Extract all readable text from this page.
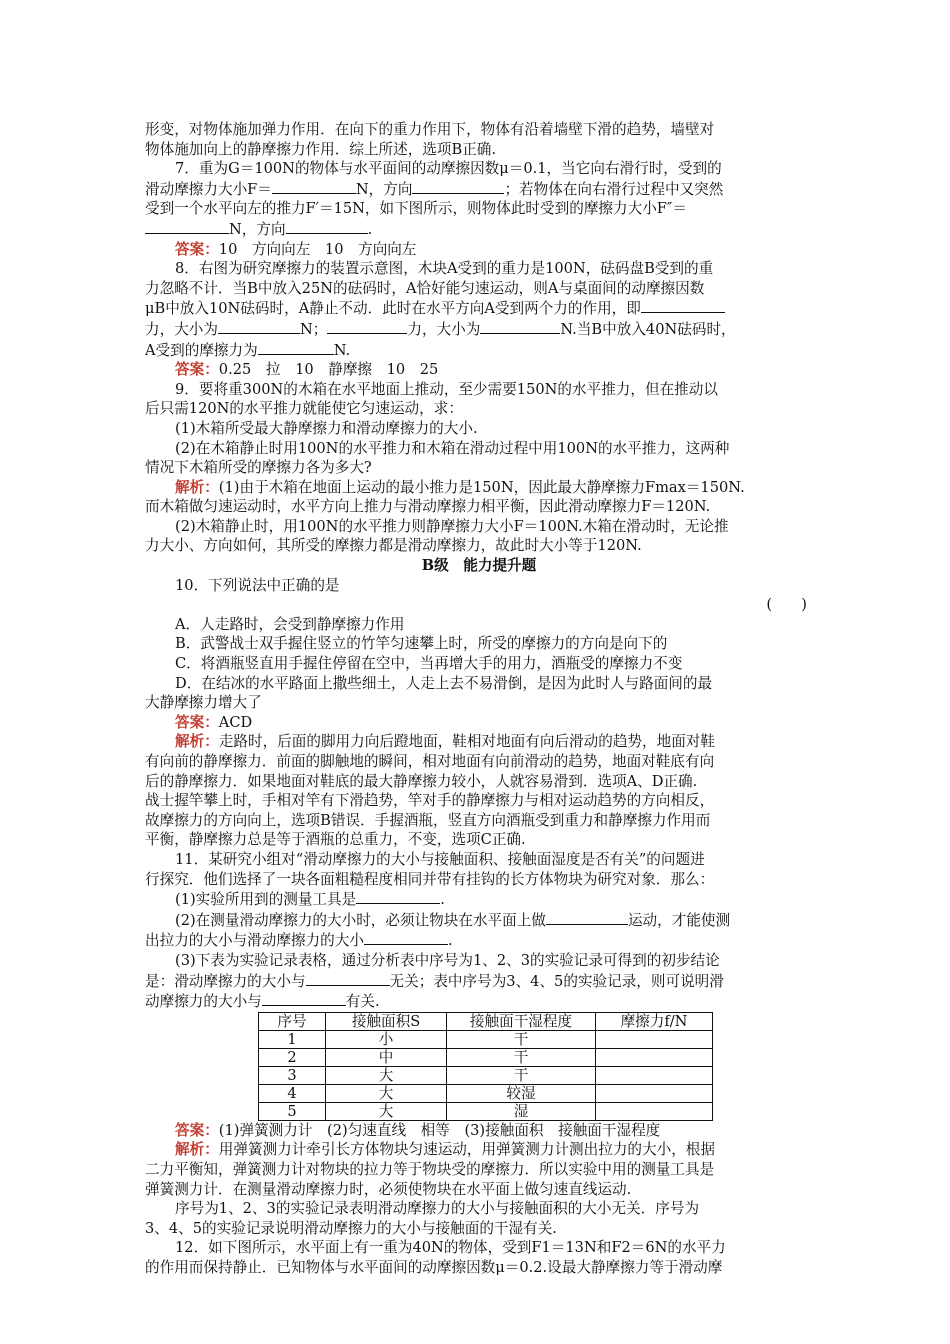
形变，对物体施加弹力作用．在向下的重力作用下，物体有沿着墙壁下滑的趋势，墙壁对

物体施加向上的静摩擦力作用．综上所述，选项B正确.

7．重为G＝100N的物体与水平面间的动摩擦因数μ＝0.1，当它向右滑行时，受到的

滑动摩擦力大小F＝	N，方向	；若物体在向右滑行过程中又突然

受到一个水平向左的推力F′＝15N，如下图所示，则物体此时受到的摩擦力大小F″＝

N，方向	.

答案：10　方向向左　10　方向向左

8．右图为研究摩擦力的装置示意图，木块A受到的重力是100N，砝码盘B受到的重

力忽略不计．当B中放入25N的砝码时，A恰好能匀速运动，则A与桌面间的动摩擦因数

μB中放入10N砝码时，A静止不动．此时在水平方向A受到两个力的作用，即

力，大小为	N；	力，大小为	N.当B中放入40N砝码时，

A受到的摩擦力为	N.

答案：0.25　拉　10　静摩擦　10　25

9．要将重300N的木箱在水平地面上推动，至少需要150N的水平推力，但在推动以

后只需120N的水平推力就能使它匀速运动，求：

(1)木箱所受最大静摩擦力和滑动摩擦力的大小.

(2)在木箱静止时用100N的水平推力和木箱在滑动过程中用100N的水平推力，这两种

情况下木箱所受的摩擦力各为多大?

解析：(1)由于木箱在地面上运动的最小推力是150N，因此最大静摩擦力Fmax＝150N.

而木箱做匀速运动时，水平方向上推力与滑动摩擦力相平衡，因此滑动摩擦力F＝120N.

(2)木箱静止时，用100N的水平推力则静摩擦力大小F＝100N.木箱在滑动时，无论推

力大小、方向如何，其所受的摩擦力都是滑动摩擦力，故此时大小等于120N.

B级　能力提升题

10．下列说法中正确的是

(　　)

A．人走路时，会受到静摩擦力作用

B．武警战士双手握住竖立的竹竿匀速攀上时，所受的摩擦力的方向是向下的

C．将酒瓶竖直用手握住停留在空中，当再增大手的用力，酒瓶受的摩擦力不变

D．在结冰的水平路面上撒些细土，人走上去不易滑倒，是因为此时人与路面间的最

大静摩擦力增大了

答案：ACD

解析：走路时，后面的脚用力向后蹬地面，鞋相对地面有向后滑动的趋势，地面对鞋

有向前的静摩擦力．前面的脚触地的瞬间，相对地面有向前滑动的趋势，地面对鞋底有向

后的静摩擦力．如果地面对鞋底的最大静摩擦力较小，人就容易滑到．选项A、D正确.

战士握竿攀上时，手相对竿有下滑趋势，竿对手的静摩擦力与相对运动趋势的方向相反，

故摩擦力的方向向上，选项B错误．手握酒瓶，竖直方向酒瓶受到重力和静摩擦力作用而

平衡，静摩擦力总是等于酒瓶的总重力，不变，选项C正确.

11．某研究小组对“滑动摩擦力的大小与接触面积、接触面湿度是否有关”的问题进

行探究．他们选择了一块各面粗糙程度相同并带有挂钩的长方体物块为研究对象．那么：

(1)实验所用到的测量工具是	.

(2)在测量滑动摩擦力的大小时，必须让物块在水平面上做	运动，才能使测

出拉力的大小与滑动摩擦力的大小	.

(3)下表为实验记录表格，通过分析表中序号为1、2、3的实验记录可得到的初步结论

是：滑动摩擦力的大小与	无关；表中序号为3、4、5的实验记录，则可说明滑

动摩擦力的大小与	有关.

序号	接触面积S	接触面干湿程度	摩擦力f/N
1	小	干	
2	中	干	
3	大	干	
4	大	较湿	
5	大	湿	

答案：(1)弹簧测力计　(2)匀速直线　相等　(3)接触面积　接触面干湿程度

解析：用弹簧测力计牵引长方体物块匀速运动，用弹簧测力计测出拉力的大小，根据

二力平衡知，弹簧测力计对物块的拉力等于物块受的摩擦力．所以实验中用的测量工具是

弹簧测力计．在测量滑动摩擦力时，必须使物块在水平面上做匀速直线运动.

序号为1、2、3的实验记录表明滑动摩擦力的大小与接触面积的大小无关．序号为

3、4、5的实验记录说明滑动摩擦力的大小与接触面的干湿有关.

12．如下图所示，水平面上有一重为40N的物体，受到F1＝13N和F2＝6N的水平力

的作用而保持静止．已知物体与水平面间的动摩擦因数μ＝0.2.设最大静摩擦力等于滑动摩
